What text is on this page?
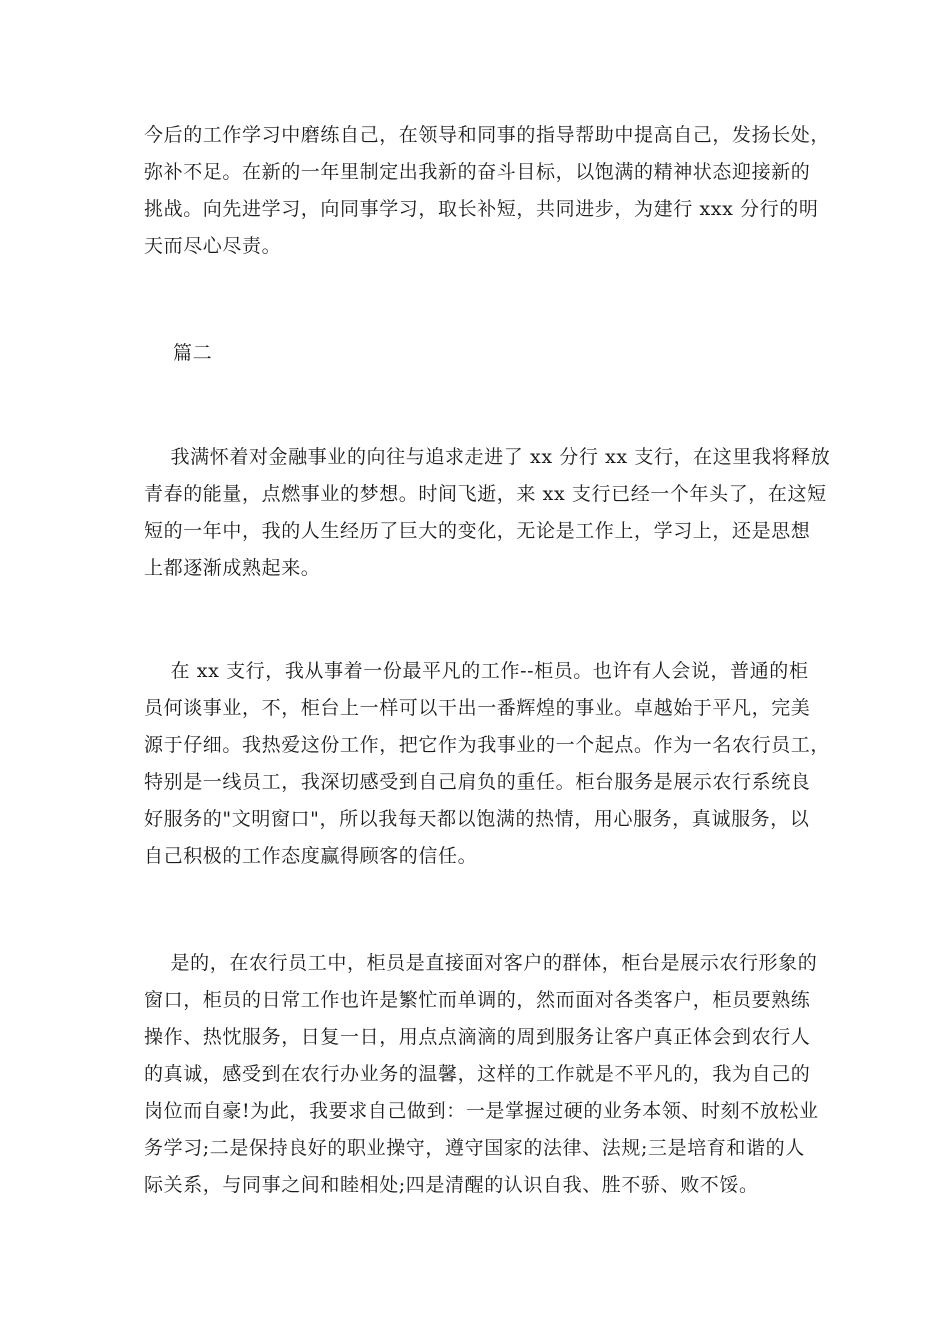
今后的工作学习中磨练自己，在领导和同事的指导帮助中提高自己，发扬长处，
弥补不足。在新的一年里制定出我新的奋斗目标，以饱满的精神状态迎接新的
挑战。向先进学习，向同事学习，取长补短，共同进步，为建行 xxx 分行的明
天而尽心尽责。
篇二
我满怀着对金融事业的向往与追求走进了 xx 分行 xx 支行，在这里我将释放
青春的能量，点燃事业的梦想。时间飞逝，来 xx 支行已经一个年头了，在这短
短的一年中，我的人生经历了巨大的变化，无论是工作上，学习上，还是思想
上都逐渐成熟起来。
在 xx 支行，我从事着一份最平凡的工作--柜员。也许有人会说，普通的柜
员何谈事业，不，柜台上一样可以干出一番辉煌的事业。卓越始于平凡，完美
源于仔细。我热爱这份工作，把它作为我事业的一个起点。作为一名农行员工，
特别是一线员工，我深切感受到自己肩负的重任。柜台服务是展示农行系统良
好服务的"文明窗口"，所以我每天都以饱满的热情，用心服务，真诚服务，以
自己积极的工作态度赢得顾客的信任。
是的，在农行员工中，柜员是直接面对客户的群体，柜台是展示农行形象的
窗口，柜员的日常工作也许是繁忙而单调的，然而面对各类客户，柜员要熟练
操作、热忱服务，日复一日，用点点滴滴的周到服务让客户真正体会到农行人
的真诚，感受到在农行办业务的温馨，这样的工作就是不平凡的，我为自己的
岗位而自豪!为此，我要求自己做到：一是掌握过硬的业务本领、时刻不放松业
务学习;二是保持良好的职业操守，遵守国家的法律、法规;三是培育和谐的人
际关系，与同事之间和睦相处;四是清醒的认识自我、胜不骄、败不馁。
